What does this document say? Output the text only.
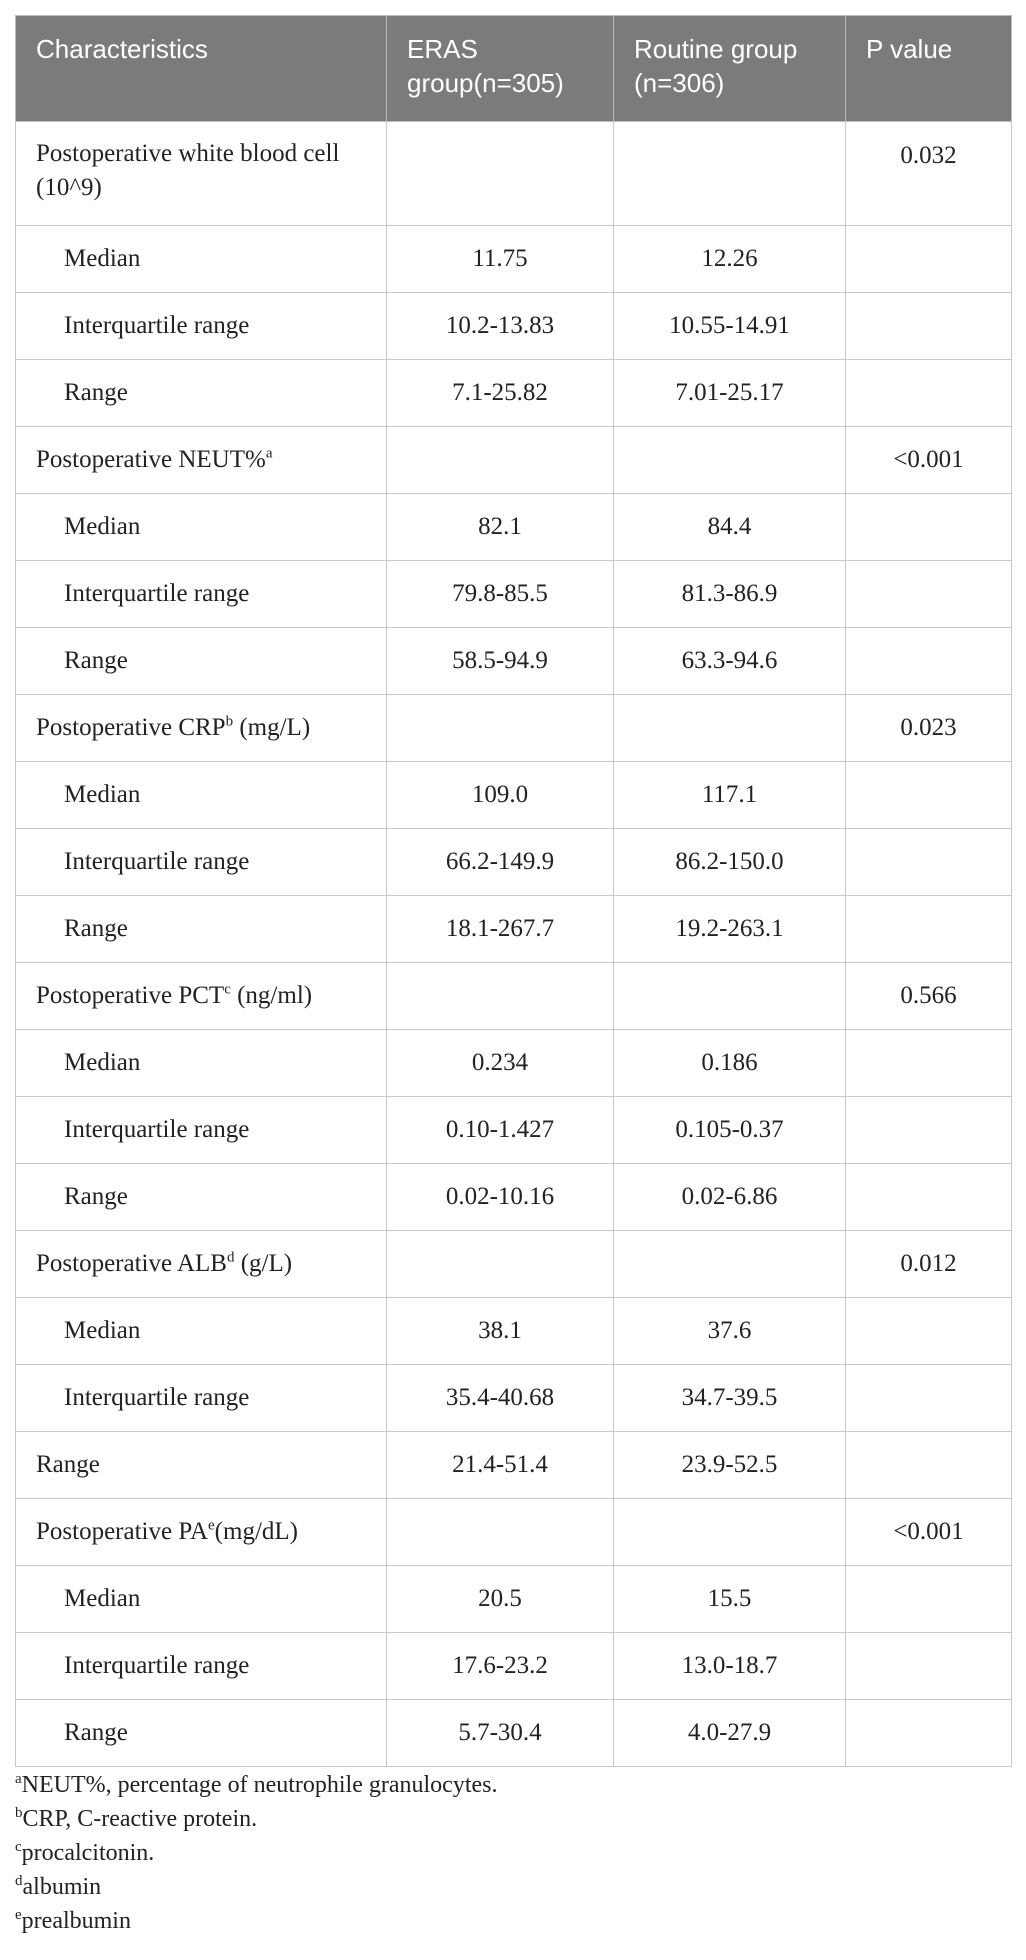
Characteristics	ERAS group(n=305)	Routine group (n=306)	P value
Postoperative white blood cell (10^9)			0.032
Median	11.75	12.26	
Interquartile range	10.2-13.83	10.55-14.91	
Range	7.1-25.82	7.01-25.17	
Postoperative NEUT%$^a$			<0.001
Median	82.1	84.4	
Interquartile range	79.8-85.5	81.3-86.9	
Range	58.5-94.9	63.3-94.6	
Postoperative CRP$^b$ (mg/L)			0.023
Median	109.0	117.1	
Interquartile range	66.2-149.9	86.2-150.0	
Range	18.1-267.7	19.2-263.1	
Postoperative PCT$^c$ (ng/ml)			0.566
Median	0.234	0.186	
Interquartile range	0.10-1.427	0.105-0.37	
Range	0.02-10.16	0.02-6.86	
Postoperative ALB$^d$ (g/L)			0.012
Median	38.1	37.6	
Interquartile range	35.4-40.68	34.7-39.5	
Range	21.4-51.4	23.9-52.5	
Postoperative $PA^e(mg/dL)$			<0.001
Median	20.5	15.5	
Interquartile range	17.6-23.2	13.0-18.7	
Range	5.7-30.4	4.0-27.9	
$^a$NEUT%, percentage of neutrophile granulocytes.
$^b$CRP, C-reactive protein.
$^c$procalcitonin.
$^d$albumin
$^e$prealbumin
